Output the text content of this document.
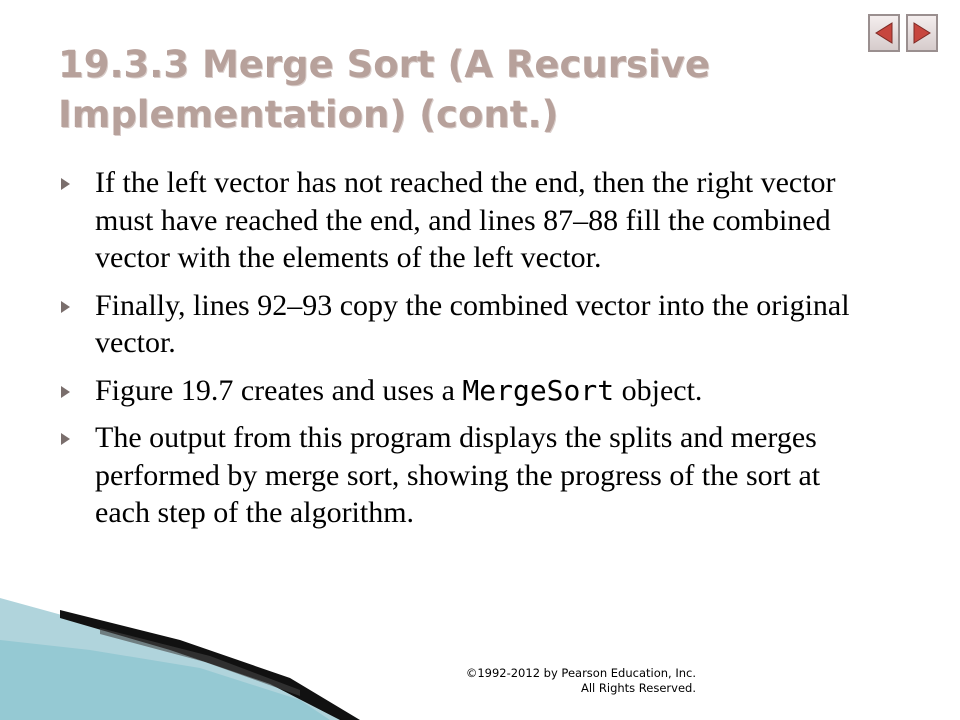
19.3.3 Merge Sort (A Recursive Implementation) (cont.)
If the left vector has not reached the end, then the right vector must have reached the end, and lines 87–88 fill the combined vector with the elements of the left vector.
Finally, lines 92–93 copy the combined vector into the original vector.
Figure 19.7 creates and uses a MergeSort object.
The output from this program displays the splits and merges performed by merge sort, showing the progress of the sort at each step of the algorithm.
©1992-2012 by Pearson Education, Inc.
All Rights Reserved.
